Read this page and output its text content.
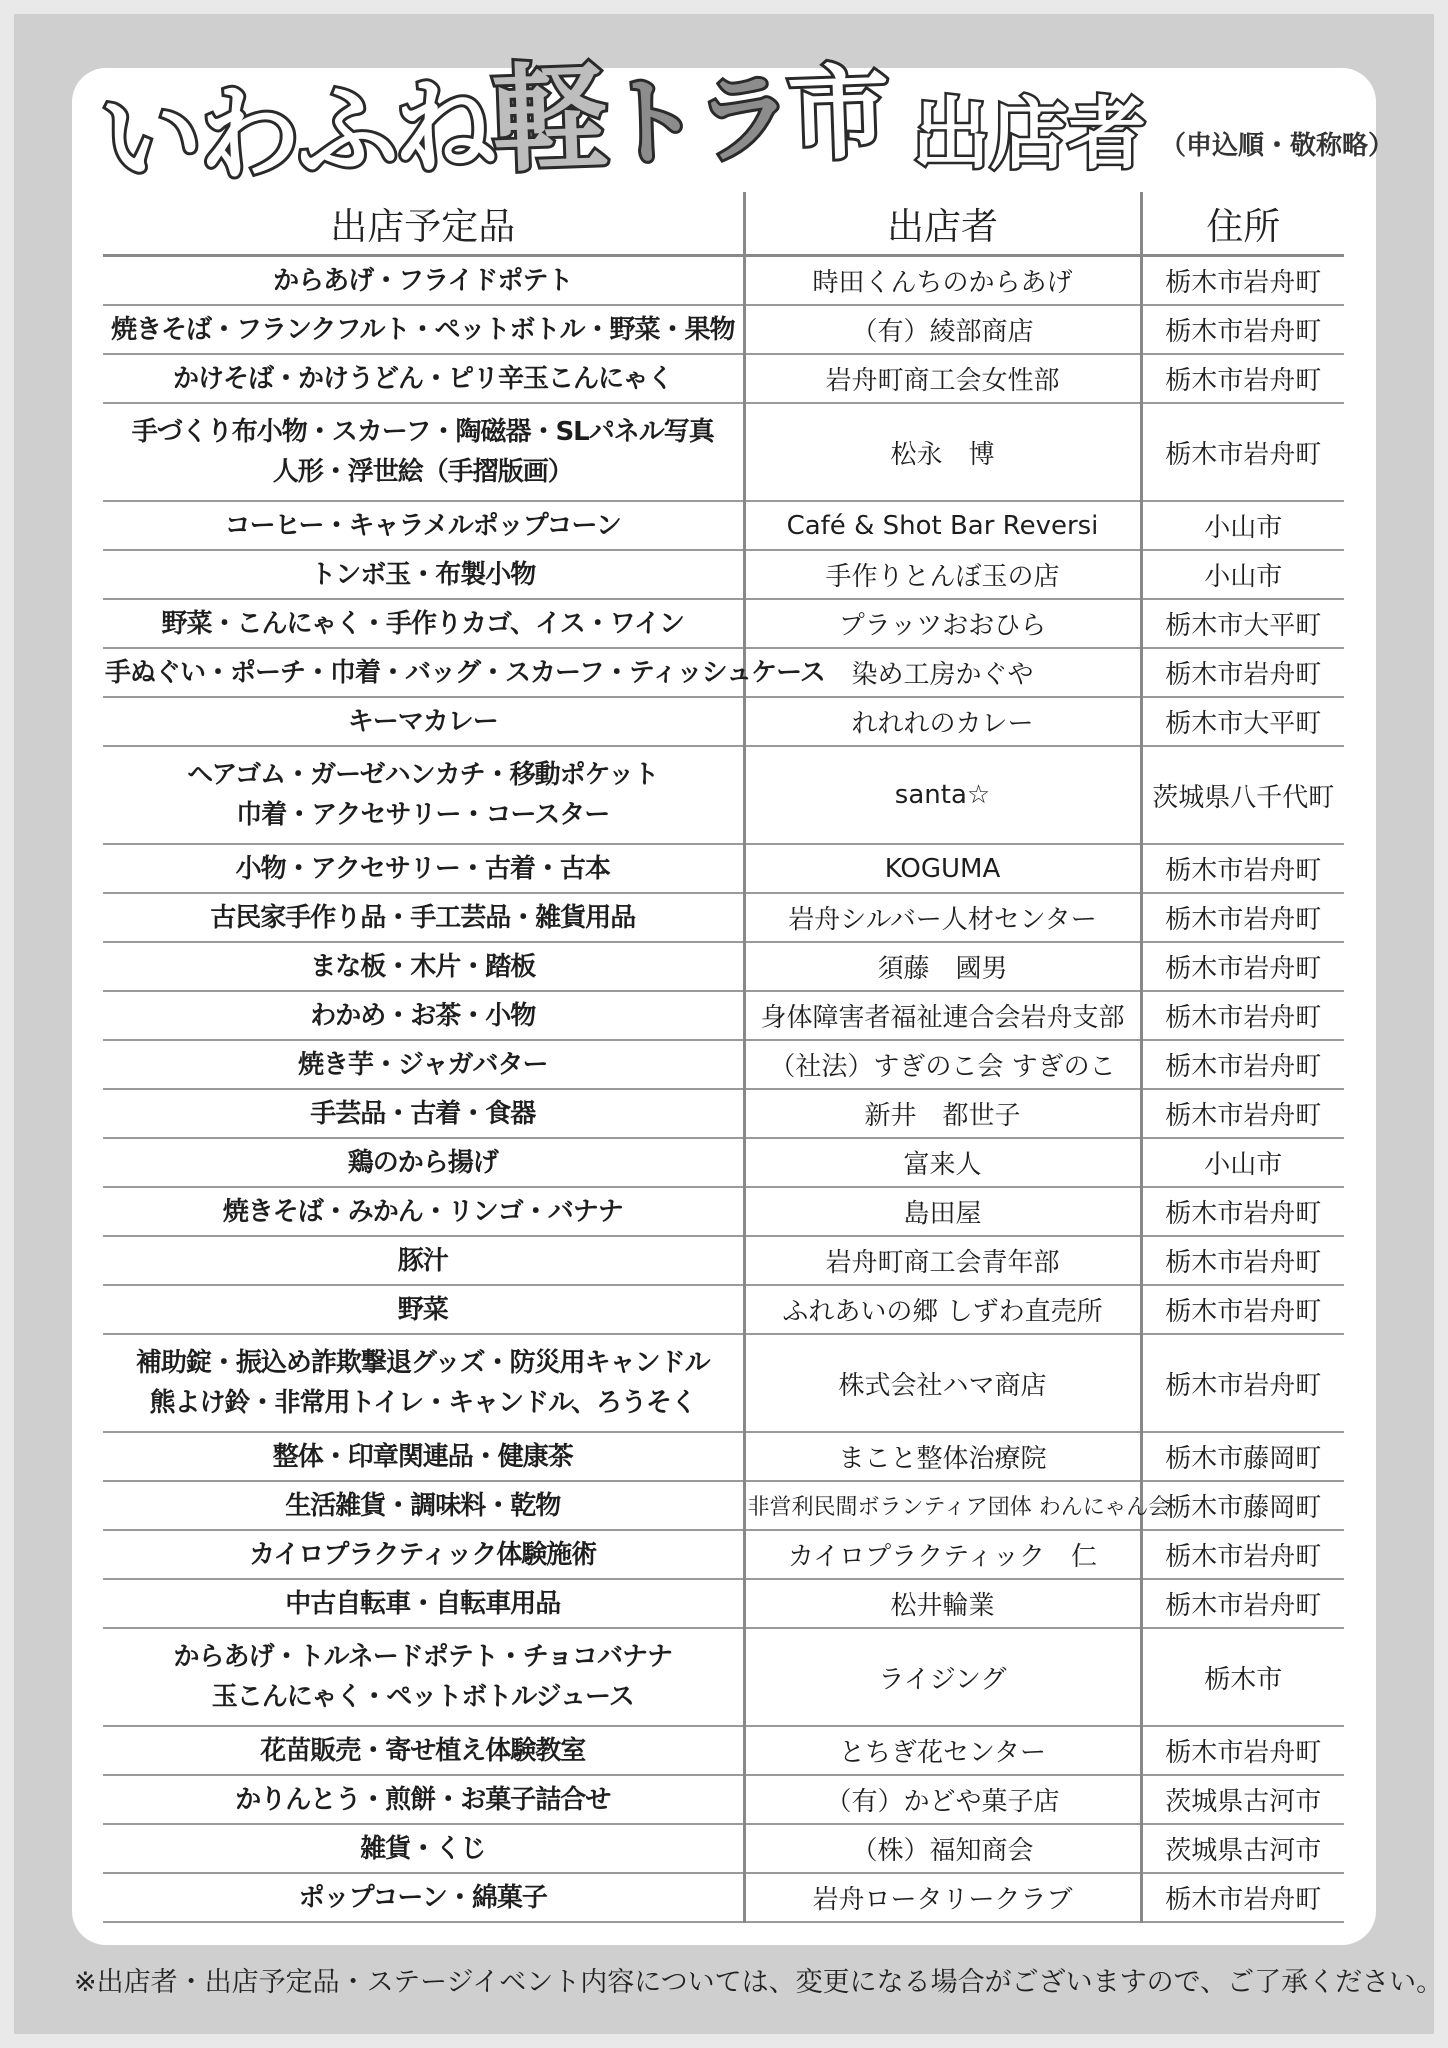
いわふね軽トラ市 出店者 （申込順・敬称略）
出店予定品	出店者	住所

からあげ・フライドポテト	時田くんちのからあげ	栃木市岩舟町

焼きそば・フランクフルト・ペットボトル・野菜・果物	（有）綾部商店	栃木市岩舟町

かけそば・かけうどん・ピリ辛玉こんにゃく	岩舟町商工会女性部	栃木市岩舟町

手づくり布小物・スカーフ・陶磁器・SLパネル写真
人形・浮世絵（手摺版画）	松永　博	栃木市岩舟町

コーヒー・キャラメルポップコーン	Café & Shot Bar Reversi	小山市

トンボ玉・布製小物	手作りとんぼ玉の店	小山市

野菜・こんにゃく・手作りカゴ、イス・ワイン	プラッツおおひら	栃木市大平町

手ぬぐい・ポーチ・巾着・バッグ・スカーフ・ティッシュケース	染め工房かぐや	栃木市岩舟町

キーマカレー	れれれのカレー	栃木市大平町

ヘアゴム・ガーゼハンカチ・移動ポケット
巾着・アクセサリー・コースター	santa☆	茨城県八千代町

小物・アクセサリー・古着・古本	KOGUMA	栃木市岩舟町

古民家手作り品・手工芸品・雑貨用品	岩舟シルバー人材センター	栃木市岩舟町

まな板・木片・踏板	須藤　國男	栃木市岩舟町

わかめ・お茶・小物	身体障害者福祉連合会岩舟支部	栃木市岩舟町

焼き芋・ジャガバター	（社法）すぎのこ会 すぎのこ	栃木市岩舟町

手芸品・古着・食器	新井　都世子	栃木市岩舟町

鶏のから揚げ	富来人	小山市

焼きそば・みかん・リンゴ・バナナ	島田屋	栃木市岩舟町

豚汁	岩舟町商工会青年部	栃木市岩舟町

野菜	ふれあいの郷 しずわ直売所	栃木市岩舟町

補助錠・振込め詐欺撃退グッズ・防災用キャンドル
熊よけ鈴・非常用トイレ・キャンドル、ろうそく	株式会社ハマ商店	栃木市岩舟町

整体・印章関連品・健康茶	まこと整体治療院	栃木市藤岡町

生活雑貨・調味料・乾物	非営利民間ボランティア団体 わんにゃん会	栃木市藤岡町

カイロプラクティック体験施術	カイロプラクティック　仁	栃木市岩舟町

中古自転車・自転車用品	松井輪業	栃木市岩舟町

からあげ・トルネードポテト・チョコバナナ
玉こんにゃく・ペットボトルジュース	ライジング	栃木市

花苗販売・寄せ植え体験教室	とちぎ花センター	栃木市岩舟町

かりんとう・煎餅・お菓子詰合せ	（有）かどや菓子店	茨城県古河市

雑貨・くじ	（株）福知商会	茨城県古河市

ポップコーン・綿菓子	岩舟ロータリークラブ	栃木市岩舟町
※出店者・出店予定品・ステージイベント内容については、変更になる場合がございますので、ご了承ください。
